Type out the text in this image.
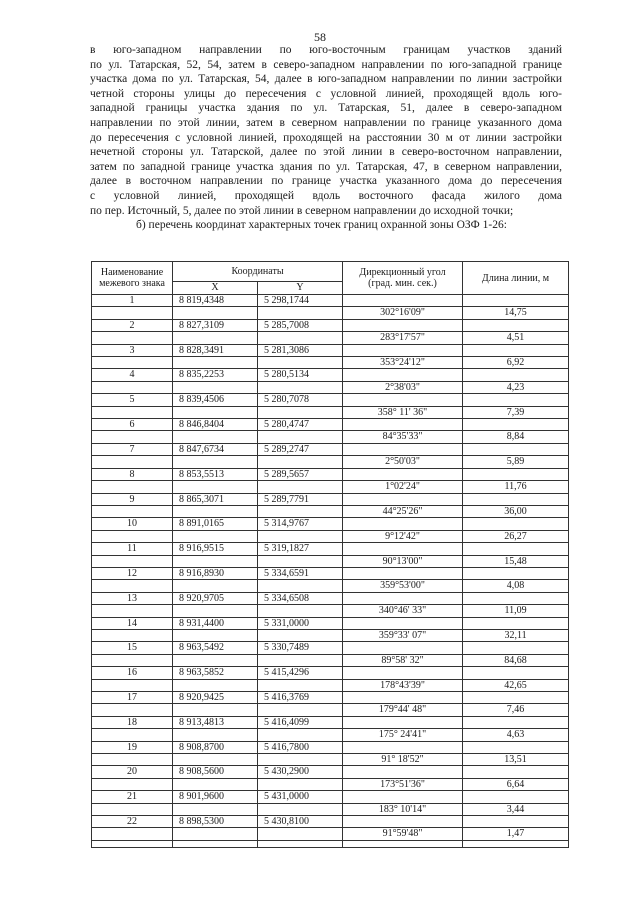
58
в юго-западном направлении по юго-восточным границам участков зданий
по ул. Татарская, 52, 54, затем в северо-западном направлении по юго-западной границе
участка дома по ул. Татарская, 54, далее в юго-западном направлении по линии застройки
четной стороны улицы до пересечения с условной линией, проходящей вдоль юго-
западной границы участка здания по ул. Татарская, 51, далее в северо-западном
направлении по этой линии, затем в северном направлении по границе указанного дома
до пересечения с условной линией, проходящей на расстоянии 30 м от линии застройки
нечетной стороны ул. Татарской, далее по этой линии в северо-восточном направлении,
затем по западной границе участка здания по ул. Татарская, 47, в северном направлении,
далее в восточном направлении по границе участка указанного дома до пересечения
с условной линией, проходящей вдоль восточного фасада жилого дома
по пер. Источный, 5, далее по этой линии в северном направлении до исходной точки;
б) перечень координат характерных точек границ охранной зоны ОЗФ 1-26:
Наименование межевого знака	Координаты		Дирекционный угол (град. мин. сек.)	Длина линии, м
	X	Y		
1	8 819,4348	5 298,1744		
			302°16'09"	14,75
2	8 827,3109	5 285,7008		
			283°17'57"	4,51
3	8 828,3491	5 281,3086		
			353°24'12"	6,92
4	8 835,2253	5 280,5134		
			2°38'03"	4,23
5	8 839,4506	5 280,7078		
			358° 11' 36"	7,39
6	8 846,8404	5 280,4747		
			84°35'33"	8,84
7	8 847,6734	5 289,2747		
			2°50'03"	5,89
8	8 853,5513	5 289,5657		
			1°02'24"	11,76
9	8 865,3071	5 289,7791		
			44°25'26"	36,00
10	8 891,0165	5 314,9767		
			9°12'42"	26,27
11	8 916,9515	5 319,1827		
			90°13'00"	15,48
12	8 916,8930	5 334,6591		
			359°53'00"	4,08
13	8 920,9705	5 334,6508		
			340°46' 33"	11,09
14	8 931,4400	5 331,0000		
			359°33' 07"	32,11
15	8 963,5492	5 330,7489		
			89°58' 32"	84,68
16	8 963,5852	5 415,4296		
			178°43'39"	42,65
17	8 920,9425	5 416,3769		
			179°44' 48"	7,46
18	8 913,4813	5 416,4099		
			175° 24'41"	4,63
19	8 908,8700	5 416,7800		
			91° 18'52"	13,51
20	8 908,5600	5 430,2900		
			173°51'36"	6,64
21	8 901,9600	5 431,0000		
			183° 10'14"	3,44
22	8 898,5300	5 430,8100		
			91°59'48"	1,47
